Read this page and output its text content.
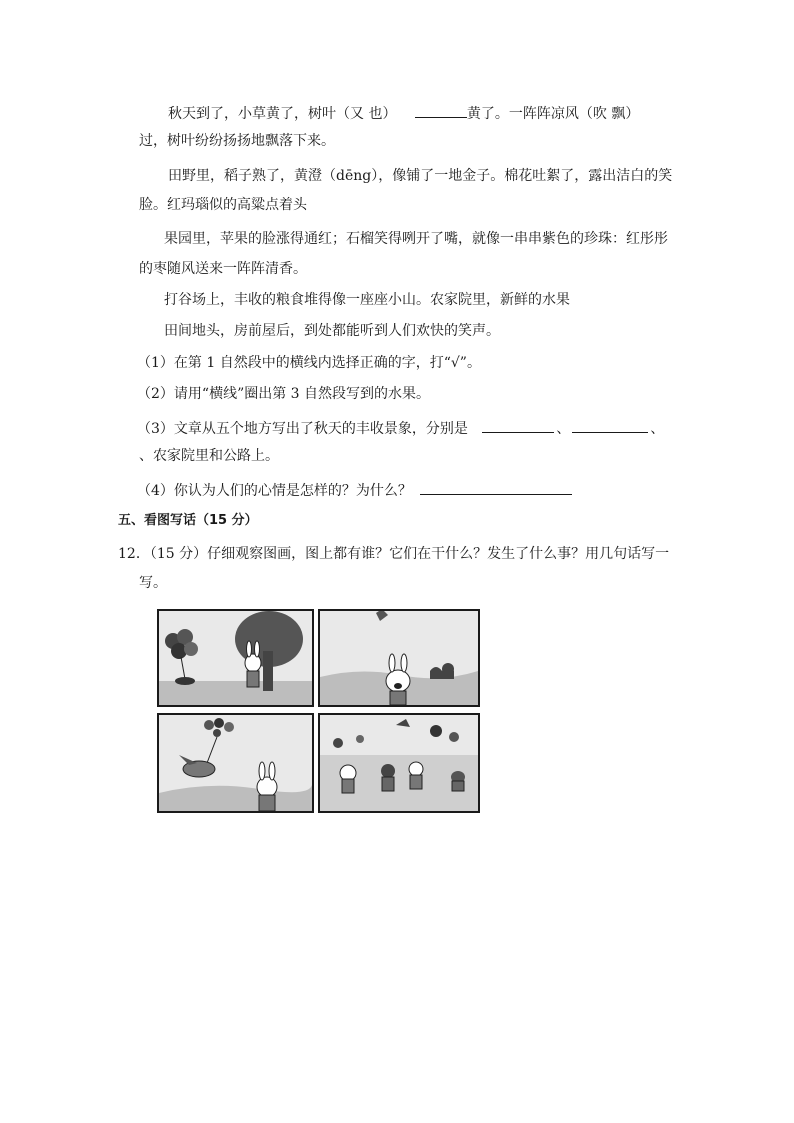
秋天到了，小草黄了，树叶（又 也）	黄了。一阵阵凉风（吹 飘）
过，树叶纷纷扬扬地飘落下来。
田野里，稻子熟了，黄澄（dēng），像铺了一地金子。棉花吐絮了，露出洁白的笑
脸。红玛瑙似的高粱点着头
果园里，苹果的脸涨得通红；石榴笑得咧开了嘴，就像一串串紫色的珍珠：红彤彤
的枣随风送来一阵阵清香。
打谷场上，丰收的粮食堆得像一座座小山。农家院里，新鲜的水果
田间地头，房前屋后，到处都能听到人们欢快的笑声。
（1）在第 1 自然段中的横线内选择正确的字，打“√”。
（2）请用“横线”圈出第 3 自然段写到的水果。
（3）文章从五个地方写出了秋天的丰收景象，分别是	、	、
、农家院里和公路上。
（4）你认为人们的心情是怎样的？为什么？
五、看图写话（15 分）
12．（15 分）仔细观察图画，图上都有谁？它们在干什么？发生了什么事？用几句话写一
写。
